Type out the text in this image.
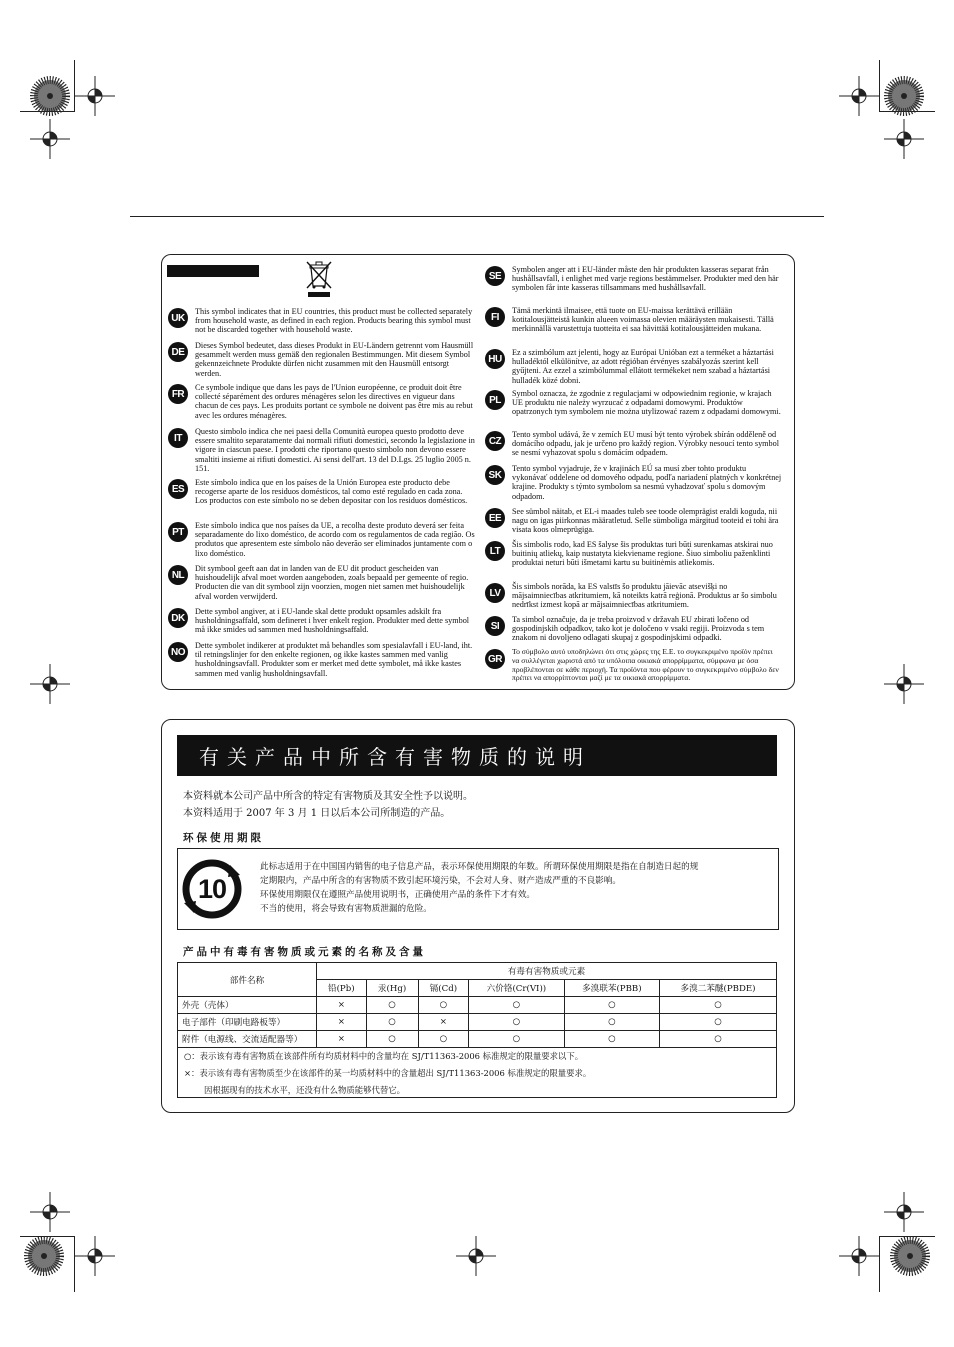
UK
This symbol indicates that in EU countries, this product must be collected separately from household waste, as defined in each region. Products bearing this symbol must not be discarded together with household waste.
DE
Dieses Symbol bedeutet, dass dieses Produkt in EU-Ländern getrennt vom Hausmüll gesammelt werden muss gemäß den regionalen Bestimmungen. Mit diesem Symbol gekennzeichnete Produkte dürfen nicht zusammen mit den Hausmüll entsorgt werden.
FR
Ce symbole indique que dans les pays de l'Union européenne, ce produit doit être collecté séparément des ordures ménagères selon les directives en vigueur dans chacun de ces pays. Les produits portant ce symbole ne doivent pas être mis au rebut avec les ordures ménagères.
IT
Questo simbolo indica che nei paesi della Comunità europea questo prodotto deve essere smaltito separatamente dai normali rifiuti domestici, secondo la legislazione in vigore in ciascun paese. I prodotti che riportano questo simbolo non devono essere smaltiti insieme ai rifiuti domestici. Ai sensi dell'art. 13 del D.Lgs. 25 luglio 2005 n. 151.
ES
Este símbolo indica que en los países de la Unión Europea este producto debe recogerse aparte de los residuos domésticos, tal como esté regulado en cada zona. Los productos con este símbolo no se deben depositar con los residuos domésticos.
PT
Este símbolo indica que nos países da UE, a recolha deste produto deverá ser feita separadamente do lixo doméstico, de acordo com os regulamentos de cada região. Os produtos que apresentem este símbolo não deverão ser eliminados juntamente com o lixo doméstico.
NL
Dit symbool geeft aan dat in landen van de EU dit product gescheiden van huishoudelijk afval moet worden aangeboden, zoals bepaald per gemeente of regio. Producten die van dit symbool zijn voorzien, mogen niet samen met huishoudelijk afval worden verwijderd.
DK
Dette symbol angiver, at i EU-lande skal dette produkt opsamles adskilt fra husholdningsaffald, som defineret i hver enkelt region. Produkter med dette symbol må ikke smides ud sammen med husholdningsaffald.
NO
Dette symbolet indikerer at produktet må behandles som spesialavfall i EU-land, iht. til retningslinjer for den enkelte regionen, og ikke kastes sammen med vanlig husholdningsavfall. Produkter som er merket med dette symbolet, må ikke kastes sammen med vanlig husholdningsavfall.
SE
Symbolen anger att i EU-länder måste den här produkten kasseras separat från hushållsavfall, i enlighet med varje regions bestämmelser. Produkter med den här symbolen får inte kasseras tillsammans med hushållsavfall.
FI
Tämä merkintä ilmaisee, että tuote on EU-maissa kerättävä erillään kotitalousjätteistä kunkin alueen voimassa olevien määräysten mukaisesti. Tällä merkinnällä varustettuja tuotteita ei saa hävittää kotitalousjätteiden mukana.
HU
Ez a szimbólum azt jelenti, hogy az Európai Unióban ezt a terméket a háztartási hulladéktól elkülönítve, az adott régióban érvényes szabályozás szerint kell gyűjteni. Az ezzel a szimbólummal ellátott termékeket nem szabad a háztartási hulladék közé dobni.
PL
Symbol oznacza, że zgodnie z regulacjami w odpowiednim regionie, w krajach UE produktu nie należy wyrzucać z odpadami domowymi. Produktów opatrzonych tym symbolem nie można utylizować razem z odpadami domowymi.
CZ
Tento symbol udává, že v zemích EU musí být tento výrobek sbírán odděleně od domácího odpadu, jak je určeno pro každý region. Výrobky nesoucí tento symbol se nesmí vyhazovat spolu s domácím odpadem.
SK
Tento symbol vyjadruje, že v krajinách EÚ sa musí zber tohto produktu vykonávať oddelene od domového odpadu, podľa nariadení platných v konkrétnej krajine. Produkty s týmto symbolom sa nesmú vyhadzovať spolu s domovým odpadom.
EE
See sümbol näitab, et EL-i maades tuleb see toode olemprägist eraldi koguda, nii nagu on igas piirkonnas määratletud. Selle sümboliga märgitud tooteid ei tohi ära visata koos olmeprügiga.
LT
Šis simbolis rodo, kad ES šalyse šis produktas turi būti surenkamas atskirai nuo buitinių atliekų, kaip nustatyta kiekviename regione. Šiuo simboliu paženklinti produktai neturi būti išmetami kartu su buitinėmis atliekomis.
LV
Šis simbols norāda, ka ES valstīs šo produktu jāievāc atsevišķi no mājsaimniecības atkritumiem, kā noteikts katrā reģionā. Produktus ar šo simbolu nedrīkst izmest kopā ar mājsaimniecības atkritumiem.
SI
Ta simbol označuje, da je treba proizvod v državah EU zbirati ločeno od gospodinjskih odpadkov, tako kot je določeno v vsaki regiji. Proizvoda s tem znakom ni dovoljeno odlagati skupaj z gospodinjskimi odpadki.
GR
Το σύμβολο αυτό υποδηλώνει ότι στις χώρες της Ε.Ε. το συγκεκριμένο προϊόν πρέπει να συλλέγεται χωριστά από τα υπόλοιπα οικιακά απορρίμματα, σύμφωνα με όσα προβλέπονται σε κάθε περιοχή. Τα προϊόντα που φέρουν το συγκεκριμένο σύμβολο δεν πρέπει να απορρίπτονται μαζί με τα οικιακά απορρίμματα.
有关产品中所含有害物质的说明
本资料就本公司产品中所含的特定有害物质及其安全性予以说明。
本资料适用于 2007 年 3 月 1 日以后本公司所制造的产品。
环保使用期限
10
此标志适用于在中国国内销售的电子信息产品，表示环保使用期限的年数。所谓环保使用期限是指在自制造日起的规
定期限内，产品中所含的有害物质不致引起环境污染，不会对人身、财产造成严重的不良影响。
环保使用期限仅在遵照产品使用说明书，正确使用产品的条件下才有效。
不当的使用，将会导致有害物质泄漏的危险。
产品中有毒有害物质或元素的名称及含量
部件名称	有毒有害物质或元素					
	铅(Pb)	汞(Hg)	镉(Cd)	六价铬(Cr(VI))	多溴联苯(PBB)	多溴二苯醚(PBDE)
外壳（壳体）	×	○	○	○	○	○
电子部件（印刷电路板等）	×	○	×	○	○	○
附件（电源线、交流适配器等）	×	○	○	○	○	○
○：表示该有毒有害物质在该部件所有均质材料中的含量均在 SJ/T11363-2006 标准规定的限量要求以下。
×：表示该有毒有害物质至少在该部件的某一均质材料中的含量超出 SJ/T11363-2006 标准规定的限量要求。
因根据现有的技术水平，还没有什么物质能够代替它。
